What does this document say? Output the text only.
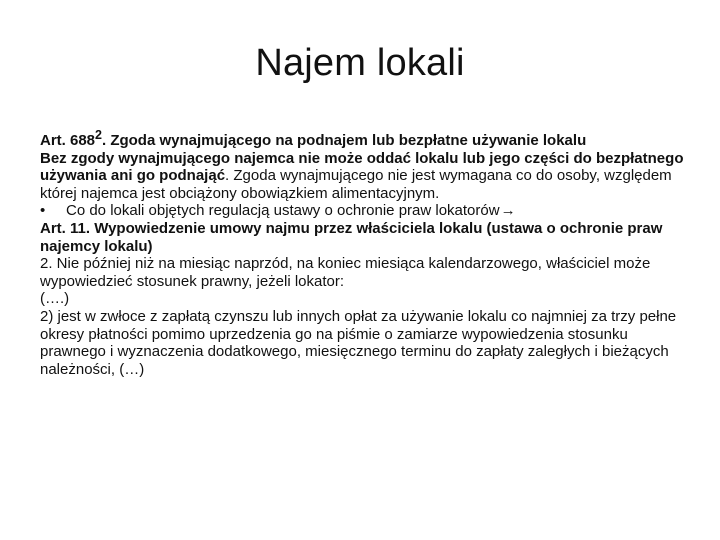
Najem lokali

Art. $688^2$. Zgoda wynajmującego na podnajem lub bezpłatne używanie lokalu

Bez zgody wynajmującego najemca nie może oddać lokalu lub jego części do bezpłatnego używania ani go podnająć. Zgoda wynajmującego nie jest wymagana co do osoby, względem której najemca jest obciążony obowiązkiem alimentacyjnym.

• Co do lokali objętych regulacją ustawy o ochronie praw lokatorów→

Art. 11. Wypowiedzenie umowy najmu przez właściciela lokalu (ustawa o ochronie praw najemcy lokalu)

2. Nie później niż na miesiąc naprzód, na koniec miesiąca kalendarzowego, właściciel może wypowiedzieć stosunek prawny, jeżeli lokator:

(….)

2) jest w zwłoce z zapłatą czynszu lub innych opłat za używanie lokalu co najmniej za trzy pełne okresy płatności pomimo uprzedzenia go na piśmie o zamiarze wypowiedzenia stosunku prawnego i wyznaczenia dodatkowego, miesięcznego terminu do zapłaty zaległych i bieżących należności, (…)
